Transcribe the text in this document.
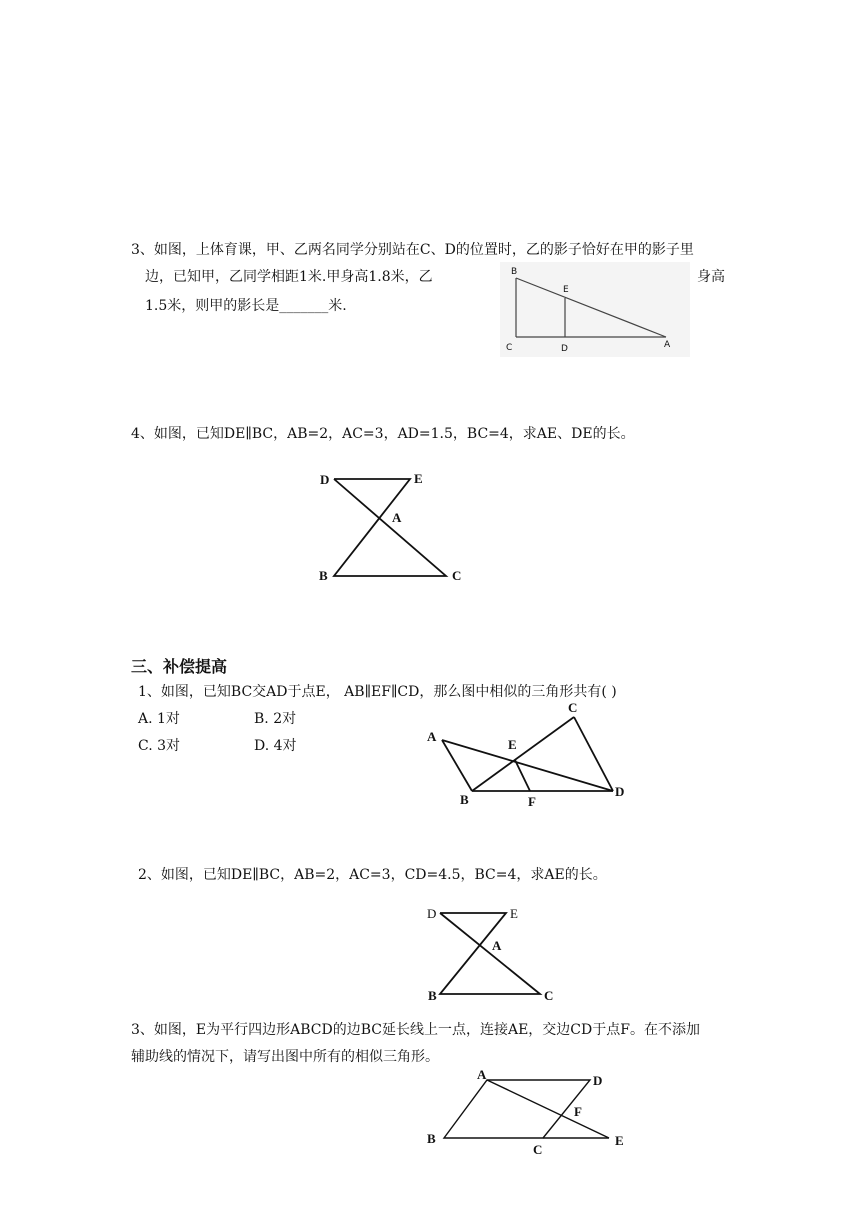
3、如图，上体育课，甲、乙两名同学分别站在C、D的位置时，乙的影子恰好在甲的影子里
边，已知甲，乙同学相距1米.甲身高1.8米，乙	身高
1.5米，则甲的影长是_______米.
B
E
C	D	A
4、如图，已知DE∥BC，AB=2，AC=3，AD=1.5，BC=4，求AE、DE的长。
D	E
A
B	C
三、补偿提高
1、如图，已知BC交AD于点E， AB∥EF∥CD，那么图中相似的三角形共有( )
A. 1对	B. 2对
C. 3对	D. 4对
A
B
C
D
E
F
2、如图，已知DE∥BC，AB=2，AC=3，CD=4.5，BC=4，求AE的长。
D	E
A
B	C
3、如图，E为平行四边形ABCD的边BC延长线上一点，连接AE，交边CD于点F。在不添加
辅助线的情况下，请写出图中所有的相似三角形。
A	D
F
B
C
E
